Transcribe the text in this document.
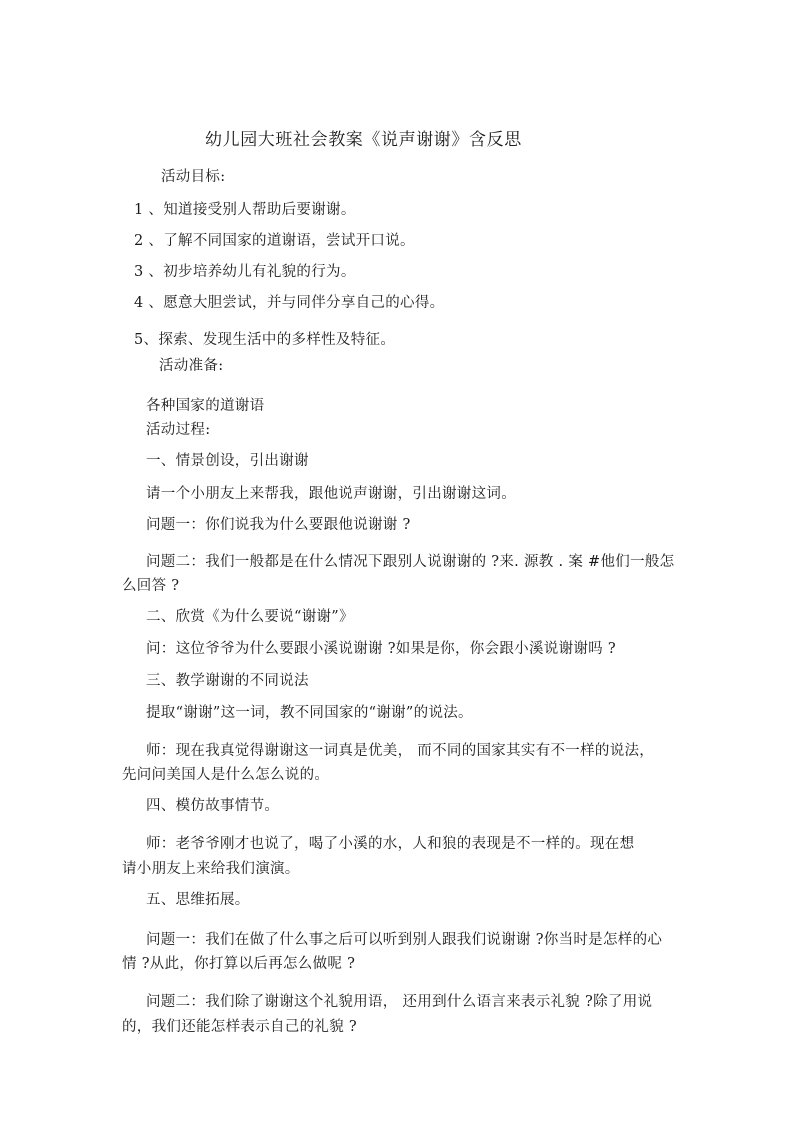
幼儿园大班社会教案《说声谢谢》含反思
活动目标:
1 、知道接受别人帮助后要谢谢。
2 、了解不同国家的道谢语，尝试开口说。
3 、初步培养幼儿有礼貌的行为。
4 、愿意大胆尝试，并与同伴分享自己的心得。
5、探索、发现生活中的多样性及特征。
活动准备:
各种国家的道谢语
活动过程:
一、情景创设，引出谢谢
请一个小朋友上来帮我，跟他说声谢谢，引出谢谢这词。
问题一：你们说我为什么要跟他说谢谢 ?
问题二：我们一般都是在什么情况下跟别人说谢谢的 ?来. 源教 . 案 #他们一般怎
么回答 ?
二、欣赏《为什么要说“谢谢”》
问：这位爷爷为什么要跟小溪说谢谢 ?如果是你，你会跟小溪说谢谢吗 ?
三、教学谢谢的不同说法
提取“谢谢”这一词，教不同国家的“谢谢”的说法。
师：现在我真觉得谢谢这一词真是优美， 而不同的国家其实有不一样的说法，
先问问美国人是什么怎么说的。
四、模仿故事情节。
师：老爷爷刚才也说了，喝了小溪的水，人和狼的表现是不一样的。现在想
请小朋友上来给我们演演。
五、思维拓展。
问题一：我们在做了什么事之后可以听到别人跟我们说谢谢 ?你当时是怎样的心
情 ?从此，你打算以后再怎么做呢 ?
问题二：我们除了谢谢这个礼貌用语， 还用到什么语言来表示礼貌 ?除了用说
的，我们还能怎样表示自己的礼貌 ?
